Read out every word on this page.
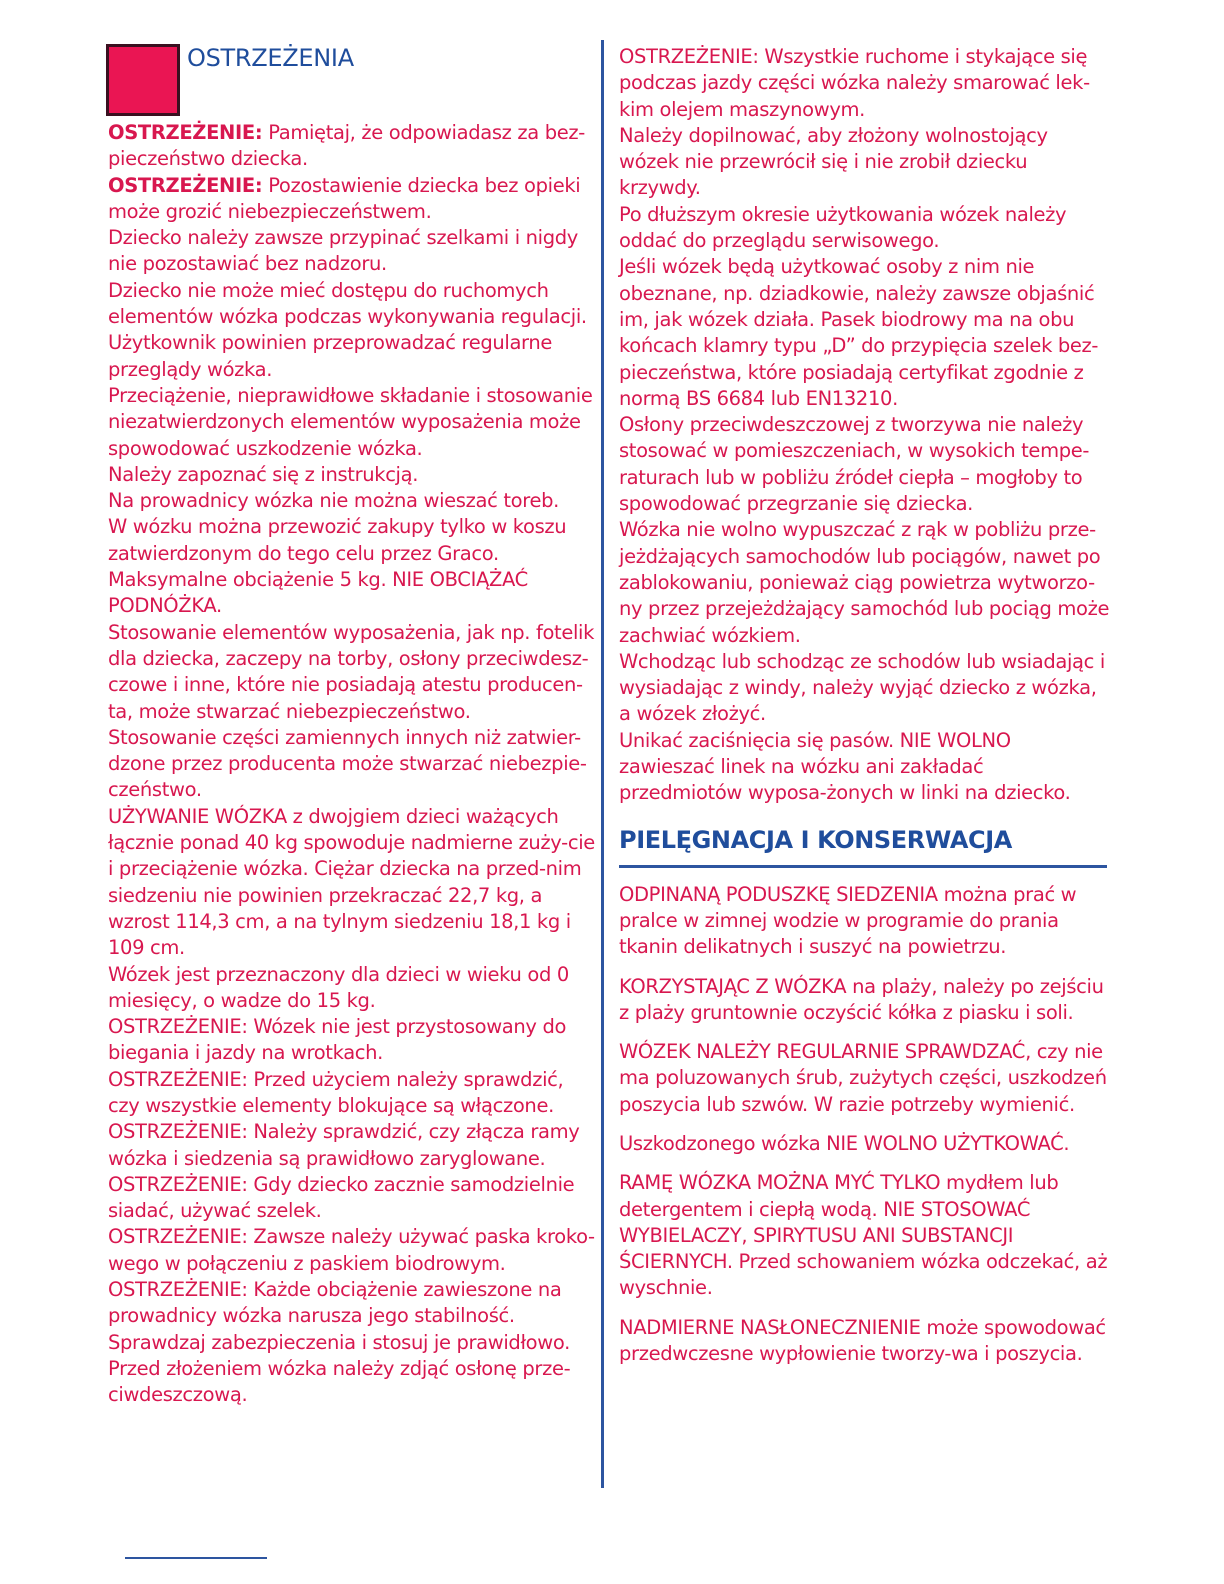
OSTRZEŻENIA

OSTRZEŻENIE: Pamiętaj, że odpowiadasz za bez-pieczeństwo dziecka.

OSTRZEŻENIE: Pozostawienie dziecka bez opieki może grozić niebezpieczeństwem.

Dziecko należy zawsze przypinać szelkami i nigdy nie pozostawiać bez nadzoru.

Dziecko nie może mieć dostępu do ruchomych elementów wózka podczas wykonywania regulacji.

Użytkownik powinien przeprowadzać regularne przeglądy wózka.

Przeciążenie, nieprawidłowe składanie i stosowanie niezatwierdzonych elementów wyposażenia może spowodować uszkodzenie wózka.

Należy zapoznać się z instrukcją.

Na prowadnicy wózka nie można wieszać toreb.

W wózku można przewozić zakupy tylko w koszu zatwierdzonym do tego celu przez Graco. Maksymalne obciążenie 5 kg. NIE OBCIĄŻAĆ PODNÓŻKA.

Stosowanie elementów wyposażenia, jak np. fotelik dla dziecka, zaczepy na torby, osłony przeciwdesz-czowe i inne, które nie posiadają atestu producen-ta, może stwarzać niebezpieczeństwo.

Stosowanie części zamiennych innych niż zatwier-dzone przez producenta może stwarzać niebezpie-czeństwo.

UŻYWANIE WÓZKA z dwojgiem dzieci ważących łącznie ponad 40 kg spowoduje nadmierne zuży-cie i przeciążenie wózka. Ciężar dziecka na przed-nim siedzeniu nie powinien przekraczać 22,7 kg, a wzrost 114,3 cm, a na tylnym siedzeniu 18,1 kg i 109 cm.

Wózek jest przeznaczony dla dzieci w wieku od 0 miesięcy, o wadze do 15 kg.

OSTRZEŻENIE: Wózek nie jest przystosowany do biegania i jazdy na wrotkach.

OSTRZEŻENIE: Przed użyciem należy sprawdzić, czy wszystkie elementy blokujące są włączone.

OSTRZEŻENIE: Należy sprawdzić, czy złącza ramy wózka i siedzenia są prawidłowo zaryglowane.

OSTRZEŻENIE: Gdy dziecko zacznie samodzielnie siadać, używać szelek.

OSTRZEŻENIE: Zawsze należy używać paska kroko-wego w połączeniu z paskiem biodrowym.

OSTRZEŻENIE: Każde obciążenie zawieszone na prowadnicy wózka narusza jego stabilność.

Sprawdzaj zabezpieczenia i stosuj je prawidłowo.

Przed złożeniem wózka należy zdjąć osłonę prze-ciwdeszczową.

OSTRZEŻENIE: Wszystkie ruchome i stykające się podczas jazdy części wózka należy smarować lek-kim olejem maszynowym.

Należy dopilnować, aby złożony wolnostojący wózek nie przewrócił się i nie zrobił dziecku krzywdy.

Po dłuższym okresie użytkowania wózek należy oddać do przeglądu serwisowego.

Jeśli wózek będą użytkować osoby z nim nie obeznane, np. dziadkowie, należy zawsze objaśnić im, jak wózek działa. Pasek biodrowy ma na obu końcach klamry typu „D” do przypięcia szelek bez-pieczeństwa, które posiadają certyfikat zgodnie z normą BS 6684 lub EN13210.

Osłony przeciwdeszczowej z tworzywa nie należy stosować w pomieszczeniach, w wysokich tempe-raturach lub w pobliżu źródeł ciepła – mogłoby to spowodować przegrzanie się dziecka.

Wózka nie wolno wypuszczać z rąk w pobliżu prze-jeżdżających samochodów lub pociągów, nawet po zablokowaniu, ponieważ ciąg powietrza wytworzo-ny przez przejeżdżający samochód lub pociąg może zachwiać wózkiem.

Wchodząc lub schodząc ze schodów lub wsiadając i wysiadając z windy, należy wyjąć dziecko z wózka, a wózek złożyć.

Unikać zaciśnięcia się pasów. NIE WOLNO zawieszać linek na wózku ani zakładać przedmiotów wyposa-żonych w linki na dziecko.

PIELĘGNACJA I KONSERWACJA

ODPINANĄ PODUSZKĘ SIEDZENIA można prać w pralce w zimnej wodzie w programie do prania tkanin delikatnych i suszyć na powietrzu.

KORZYSTAJĄC Z WÓZKA na plaży, należy po zejściu z plaży gruntownie oczyścić kółka z piasku i soli.

WÓZEK NALEŻY REGULARNIE SPRAWDZAĆ, czy nie ma poluzowanych śrub, zużytych części, uszkodzeń poszycia lub szwów. W razie potrzeby wymienić.

Uszkodzonego wózka NIE WOLNO UŻYTKOWAĆ.

RAMĘ WÓZKA MOŻNA MYĆ TYLKO mydłem lub detergentem i ciepłą wodą. NIE STOSOWAĆ WYBIELACZY, SPIRYTUSU ANI SUBSTANCJI ŚCIERNYCH. Przed schowaniem wózka odczekać, aż wyschnie.

NADMIERNE NASŁONECZNIENIE może spowodować przedwczesne wypłowienie tworzy-wa i poszycia.
